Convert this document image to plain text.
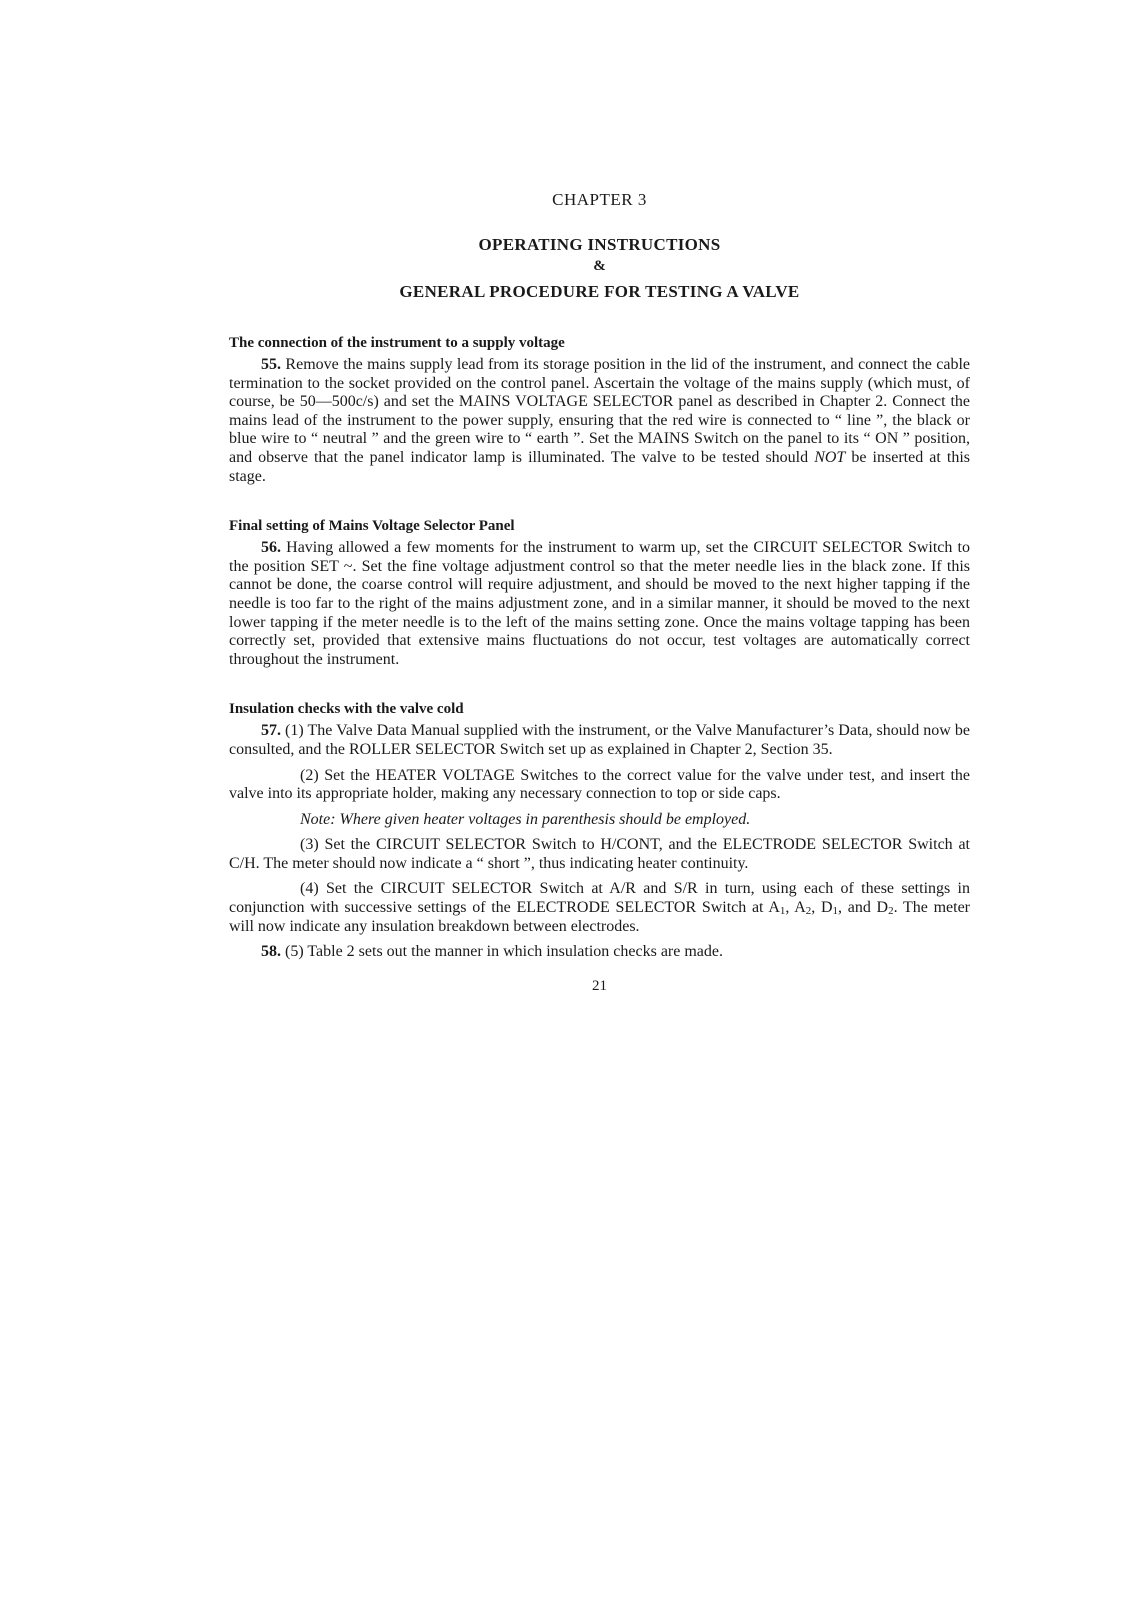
CHAPTER 3
OPERATING INSTRUCTIONS
&
GENERAL PROCEDURE FOR TESTING A VALVE
The connection of the instrument to a supply voltage

55. Remove the mains supply lead from its storage position in the lid of the instrument, and connect the cable termination to the socket provided on the control panel. Ascertain the voltage of the mains supply (which must, of course, be 50—500c/s) and set the MAINS VOLTAGE SELECTOR panel as described in Chapter 2. Connect the mains lead of the instrument to the power supply, ensuring that the red wire is connected to “ line ”, the black or blue wire to “ neutral ” and the green wire to “ earth ”. Set the MAINS Switch on the panel to its “ ON ” position, and observe that the panel indicator lamp is illuminated. The valve to be tested should NOT be inserted at this stage.

Final setting of Mains Voltage Selector Panel

56. Having allowed a few moments for the instrument to warm up, set the CIRCUIT SELECTOR Switch to the position SET ~. Set the fine voltage adjustment control so that the meter needle lies in the black zone. If this cannot be done, the coarse control will require adjustment, and should be moved to the next higher tapping if the needle is too far to the right of the mains adjustment zone, and in a similar manner, it should be moved to the next lower tapping if the meter needle is to the left of the mains setting zone. Once the mains voltage tapping has been correctly set, provided that extensive mains fluctuations do not occur, test voltages are automatically correct throughout the instrument.

Insulation checks with the valve cold

57. (1) The Valve Data Manual supplied with the instrument, or the Valve Manufacturer’s Data, should now be consulted, and the ROLLER SELECTOR Switch set up as explained in Chapter 2, Section 35.

(2) Set the HEATER VOLTAGE Switches to the correct value for the valve under test, and insert the valve into its appropriate holder, making any necessary connection to top or side caps.

Note: Where given heater voltages in parenthesis should be employed.

(3) Set the CIRCUIT SELECTOR Switch to H/CONT, and the ELECTRODE SELECTOR Switch at C/H. The meter should now indicate a “ short ”, thus indicating heater continuity.

(4) Set the CIRCUIT SELECTOR Switch at A/R and S/R in turn, using each of these settings in conjunction with successive settings of the ELECTRODE SELECTOR Switch at $A_1$, $A_2$, $D_1$, and $D_2$. The meter will now indicate any insulation breakdown between electrodes.

58. (5) Table 2 sets out the manner in which insulation checks are made.

21
